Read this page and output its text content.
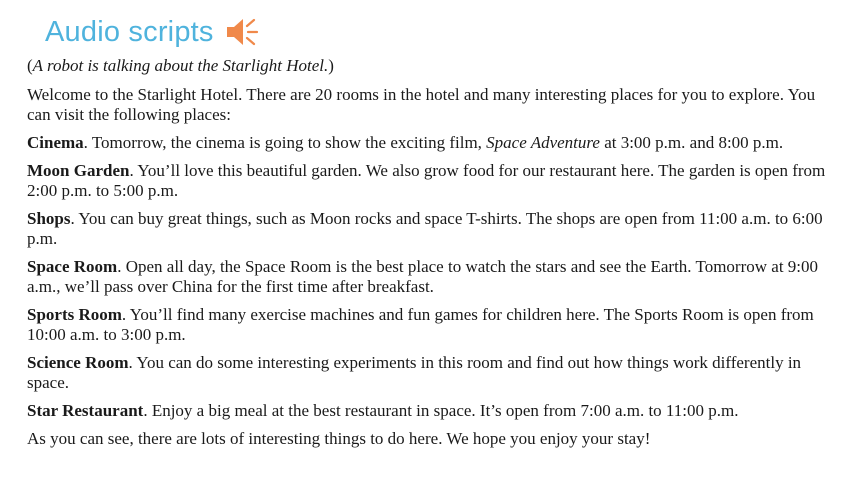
Audio scripts

(A robot is talking about the Starlight Hotel.)

Welcome to the Starlight Hotel. There are 20 rooms in the hotel and many interesting places for you to explore. You can visit the following places:

Cinema. Tomorrow, the cinema is going to show the exciting film, Space Adventure at 3:00 p.m. and 8:00 p.m.

Moon Garden. You’ll love this beautiful garden. We also grow food for our restaurant here. The garden is open from 2:00 p.m. to 5:00 p.m.

Shops. You can buy great things, such as Moon rocks and space T-shirts. The shops are open from 11:00 a.m. to 6:00 p.m.

Space Room. Open all day, the Space Room is the best place to watch the stars and see the Earth. Tomorrow at 9:00 a.m., we’ll pass over China for the first time after breakfast.

Sports Room. You’ll find many exercise machines and fun games for children here. The Sports Room is open from 10:00 a.m. to 3:00 p.m.

Science Room. You can do some interesting experiments in this room and find out how things work differently in space.

Star Restaurant. Enjoy a big meal at the best restaurant in space. It’s open from 7:00 a.m. to 11:00 p.m.

As you can see, there are lots of interesting things to do here. We hope you enjoy your stay!
